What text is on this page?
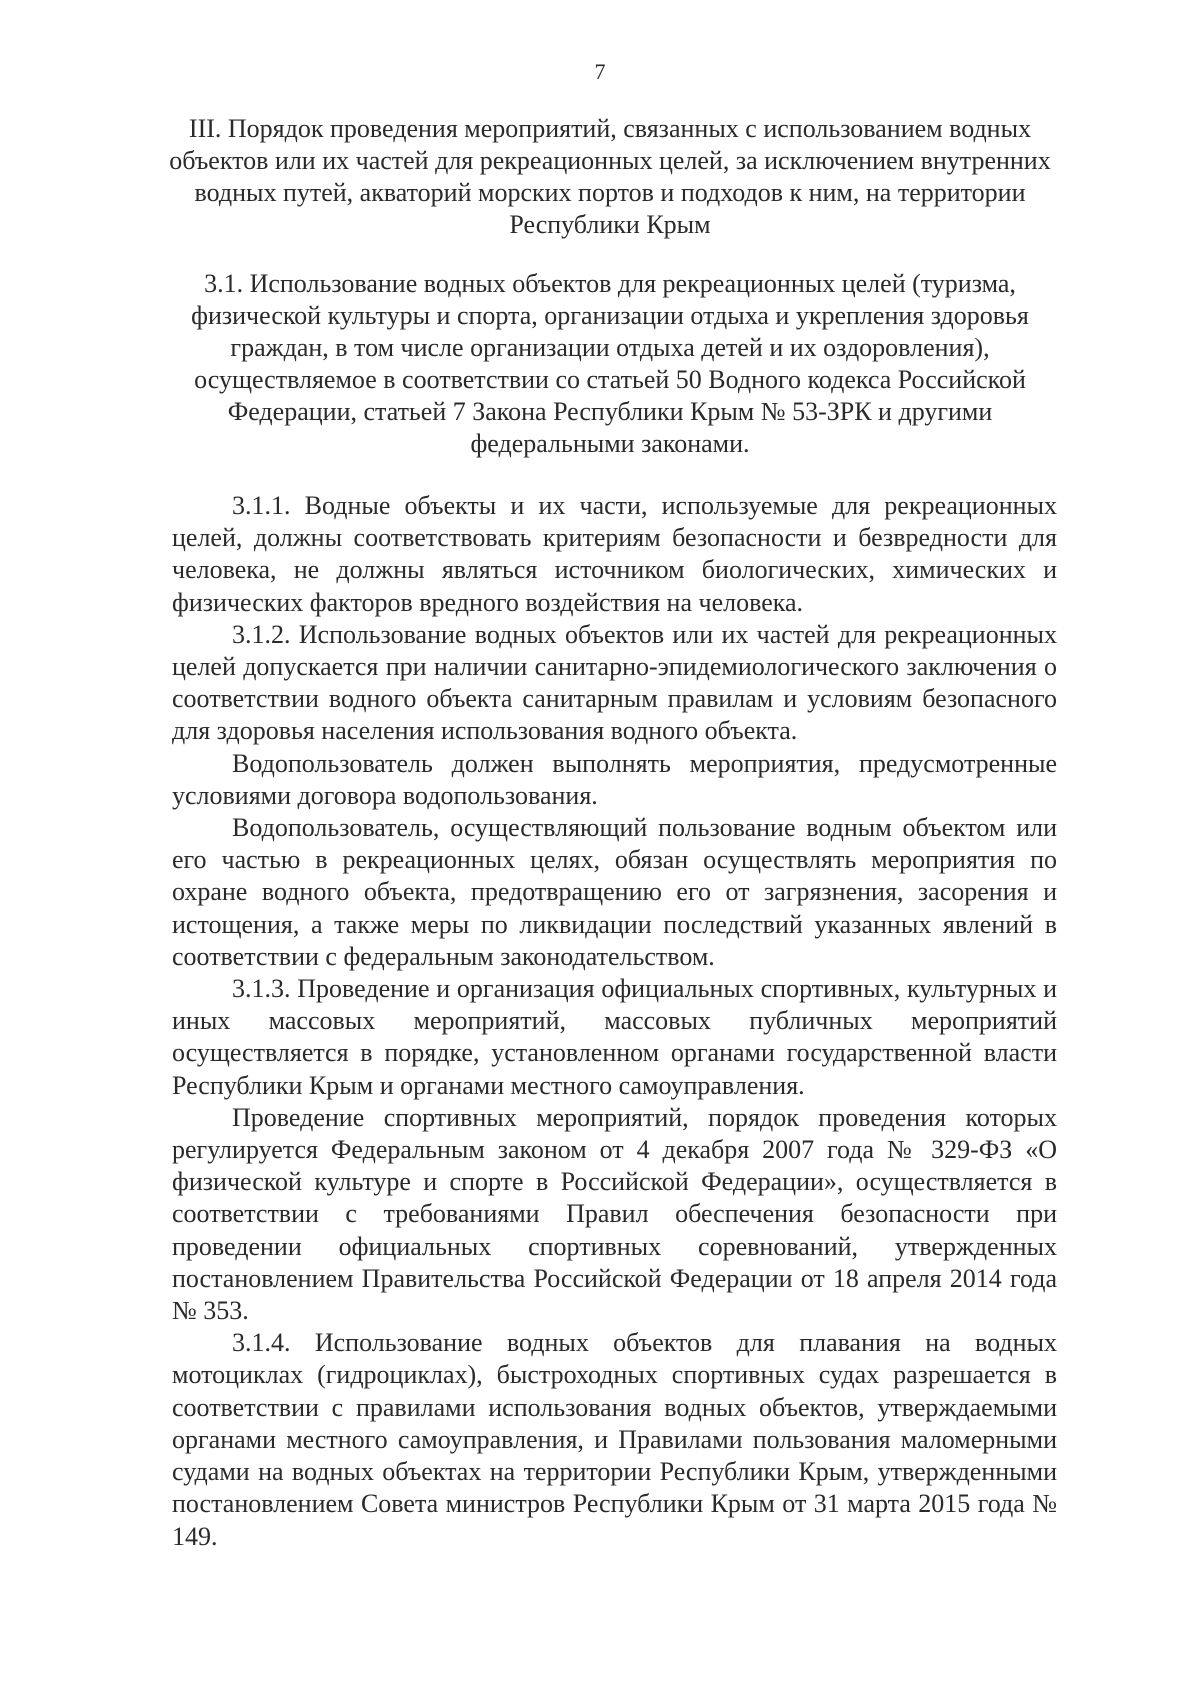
7
III. Порядок проведения мероприятий, связанных с использованием водных объектов или их частей для рекреационных целей, за исключением внутренних водных путей, акваторий морских портов и подходов к ним, на территории Республики Крым
3.1. Использование водных объектов для рекреационных целей (туризма, физической культуры и спорта, организации отдыха и укрепления здоровья граждан, в том числе организации отдыха детей и их оздоровления), осуществляемое в соответствии со статьей 50 Водного кодекса Российской Федерации, статьей 7 Закона Республики Крым № 53-ЗРК и другими федеральными законами.

3.1.1. Водные объекты и их части, используемые для рекреационных целей, должны соответствовать критериям безопасности и безвредности для человека, не должны являться источником биологических, химических и физических факторов вредного воздействия на человека.

3.1.2. Использование водных объектов или их частей для рекреационных целей допускается при наличии санитарно-эпидемиологического заключения о соответствии водного объекта санитарным правилам и условиям безопасного для здоровья населения использования водного объекта.

Водопользователь должен выполнять мероприятия, предусмотренные условиями договора водопользования.

Водопользователь, осуществляющий пользование водным объектом или его частью в рекреационных целях, обязан осуществлять мероприятия по охране водного объекта, предотвращению его от загрязнения, засорения и истощения, а также меры по ликвидации последствий указанных явлений в соответствии с федеральным законодательством.

3.1.3. Проведение и организация официальных спортивных, культурных и иных массовых мероприятий, массовых публичных мероприятий осуществляется в порядке, установленном органами государственной власти Республики Крым и органами местного самоуправления.

Проведение спортивных мероприятий, порядок проведения которых регулируется Федеральным законом от 4 декабря 2007 года № 329-ФЗ «О физической культуре и спорте в Российской Федерации», осуществляется в соответствии с требованиями Правил обеспечения безопасности при проведении официальных спортивных соревнований, утвержденных постановлением Правительства Российской Федерации от 18 апреля 2014 года № 353.

3.1.4. Использование водных объектов для плавания на водных мотоциклах (гидроциклах), быстроходных спортивных судах разрешается в соответствии с правилами использования водных объектов, утверждаемыми органами местного самоуправления, и Правилами пользования маломерными судами на водных объектах на территории Республики Крым, утвержденными постановлением Совета министров Республики Крым от 31 марта 2015 года № 149.
